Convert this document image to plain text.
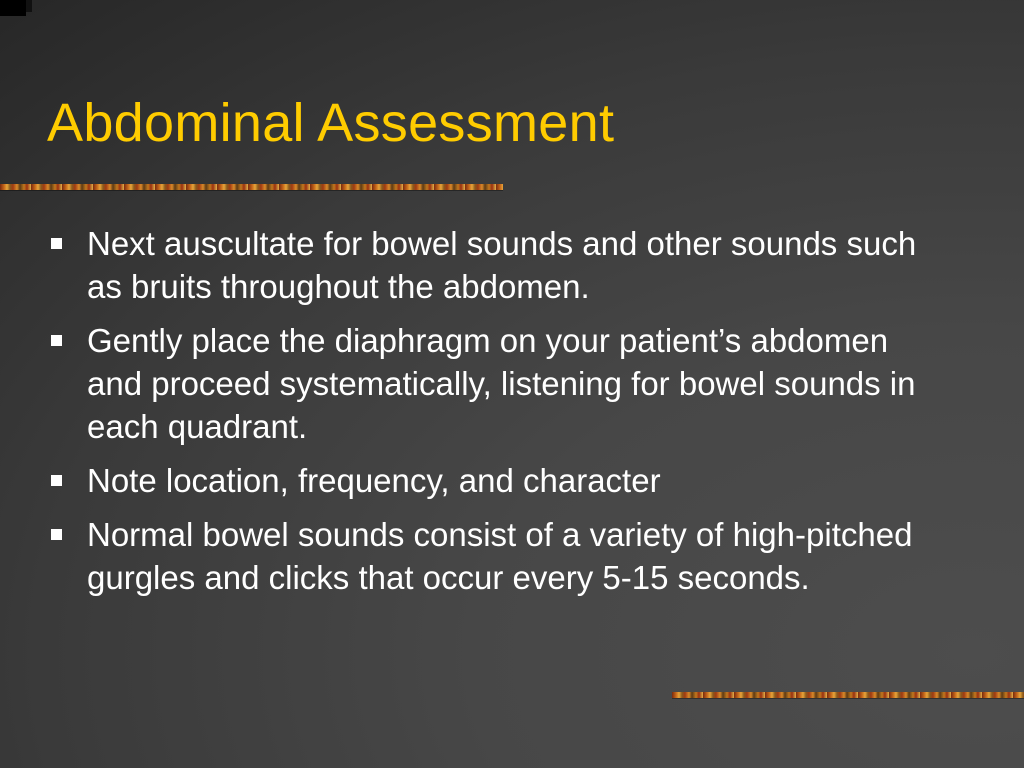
Abdominal Assessment
Next auscultate for bowel sounds and other sounds such as bruits throughout the abdomen.
Gently place the diaphragm on your patient’s abdomen and proceed systematically, listening for bowel sounds in each quadrant.
Note location, frequency, and character
Normal bowel sounds consist of a variety of high-pitched gurgles and clicks that occur every 5-15 seconds.
